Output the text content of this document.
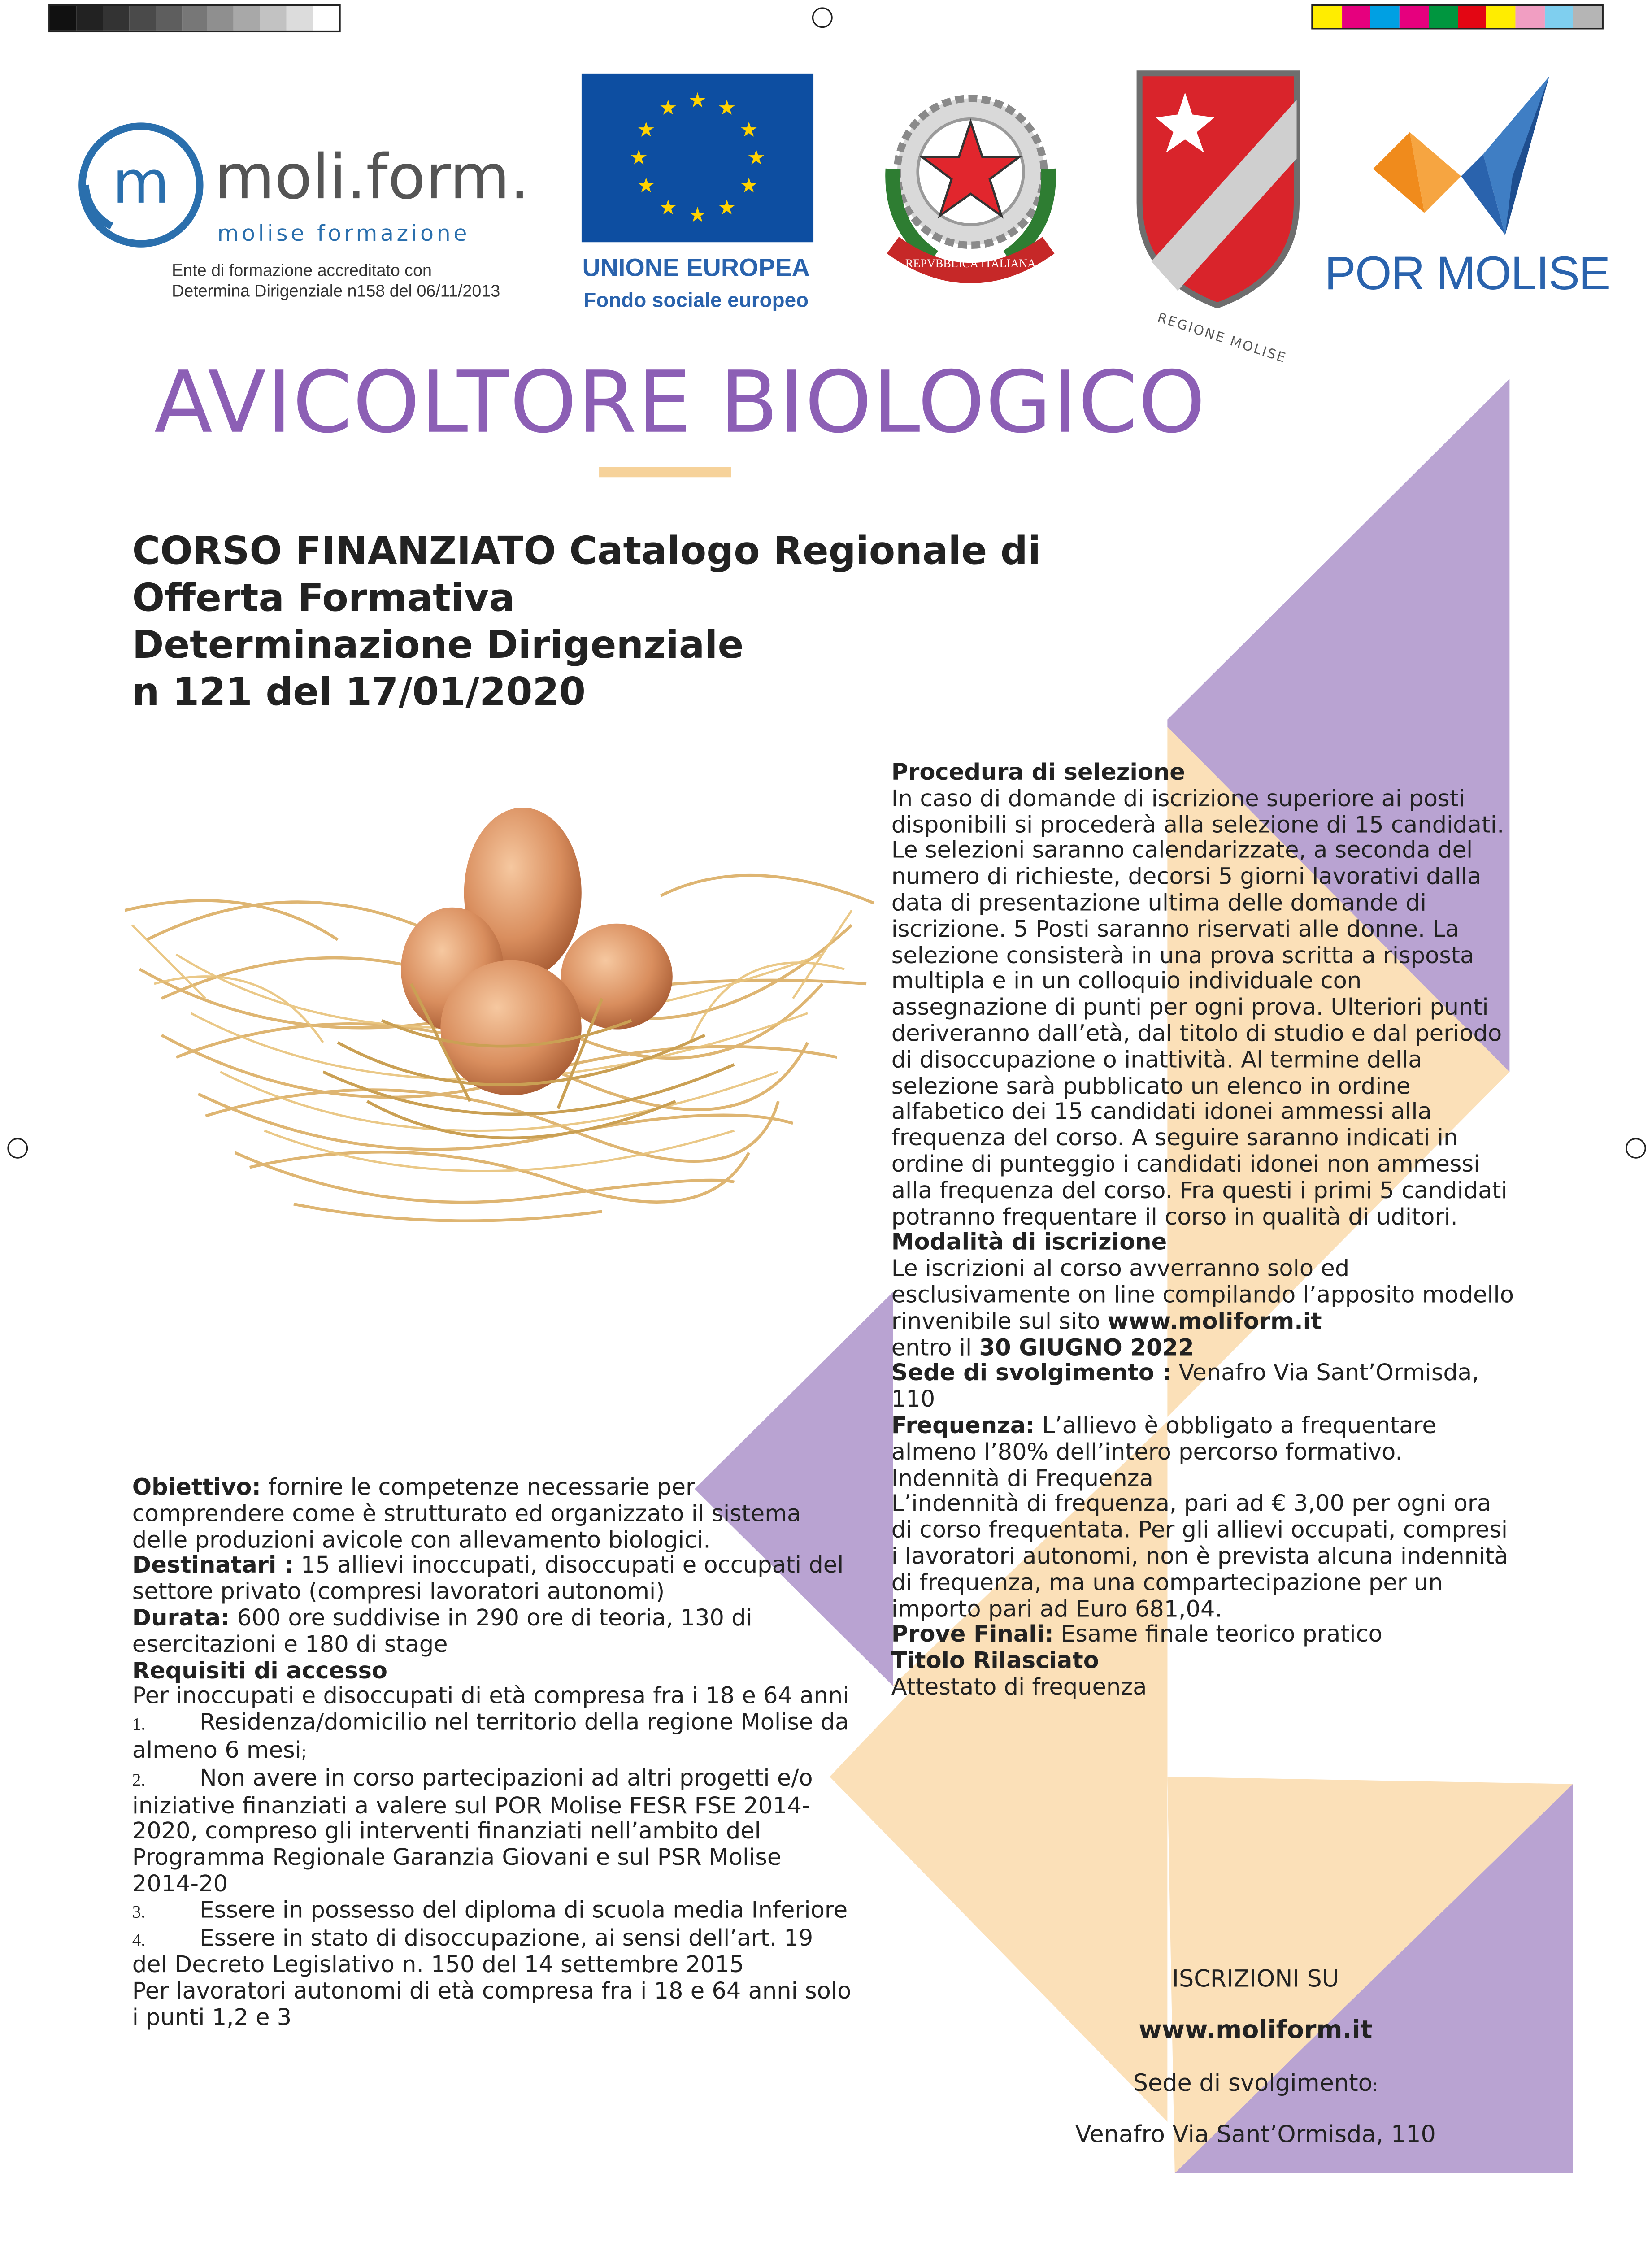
m moli.form.
molise formazione
Ente di formazione accreditato con
Determina Dirigenziale n158 del 06/11/2013
★ ★
★
★
★
★
★
★
★
★
★
★
UNIONE EUROPEA
Fondo sociale europeo
REPVBBLICA ITALIANA
REGIONE MOLISE
POR MOLISE
AVICOLTORE BIOLOGICO
CORSO FINANZIATO Catalogo Regionale di
Offerta Formativa
Determinazione Dirigenziale
n 121 del 17/01/2020

Procedura di selezione

In caso di domande di iscrizione superiore ai posti disponibili si procederà alla selezione di 15 candidati. Le selezioni saranno calendarizzate, a seconda del numero di richieste, decorsi 5 giorni lavorativi dalla data di presentazione ultima delle domande di iscrizione. 5 Posti saranno riservati alle donne. La selezione consisterà in una prova scritta a risposta multipla e in un colloquio individuale con assegnazione di punti per ogni prova. Ulteriori punti deriveranno dall’età, dal titolo di studio e dal periodo di disoccupazione o inattività. Al termine della selezione sarà pubblicato un elenco in ordine alfabetico dei 15 candidati idonei ammessi alla frequenza del corso. A seguire saranno indicati in ordine di punteggio i candidati idonei non ammessi alla frequenza del corso. Fra questi i primi 5 candidati potranno frequentare il corso in qualità di uditori.

Modalità di iscrizione

Le iscrizioni al corso avverranno solo ed esclusivamente on line compilando l’apposito modello rinvenibile sul sito www.moliform.it
entro il 30 GIUGNO 2022

Sede di svolgimento : Venafro Via Sant’Ormisda, 110

Frequenza: L’allievo è obbligato a frequentare almeno l’80% dell’intero percorso formativo.

Indennità di Frequenza

L’indennità di frequenza, pari ad € 3,00 per ogni ora di corso frequentata. Per gli allievi occupati, compresi i lavoratori autonomi, non è prevista alcuna indennità di frequenza, ma una compartecipazione per un importo pari ad Euro 681,04.

Prove Finali: Esame finale teorico pratico

Titolo Rilasciato

Attestato di frequenza

Obiettivo: fornire le competenze necessarie per comprendere come è strutturato ed organizzato il sistema delle produzioni avicole con allevamento biologici.

Destinatari : 15 allievi inoccupati, disoccupati e occupati del settore privato (compresi lavoratori autonomi)

Durata: 600 ore suddivise in 290 ore di teoria, 130 di esercitazioni e 180 di stage

Requisiti di accesso

Per inoccupati e disoccupati di età compresa fra i 18 e 64 anni

1.	Residenza/domicilio nel territorio della regione Molise da almeno 6 mesi;

2.	Non avere in corso partecipazioni ad altri progetti e/o iniziative finanziati a valere sul POR Molise FESR FSE 2014-2020, compreso gli interventi finanziati nell’ambito del Programma Regionale Garanzia Giovani e sul PSR Molise 2014-20

3.	Essere in possesso del diploma di scuola media Inferiore

4.	Essere in stato di disoccupazione, ai sensi dell’art. 19 del Decreto Legislativo n. 150 del 14 settembre 2015

Per lavoratori autonomi di età compresa fra i 18 e 64 anni solo i punti 1,2 e 3

ISCRIZIONI SU

www.moliform.it

Sede di svolgimento:

Venafro Via Sant’Ormisda, 110
